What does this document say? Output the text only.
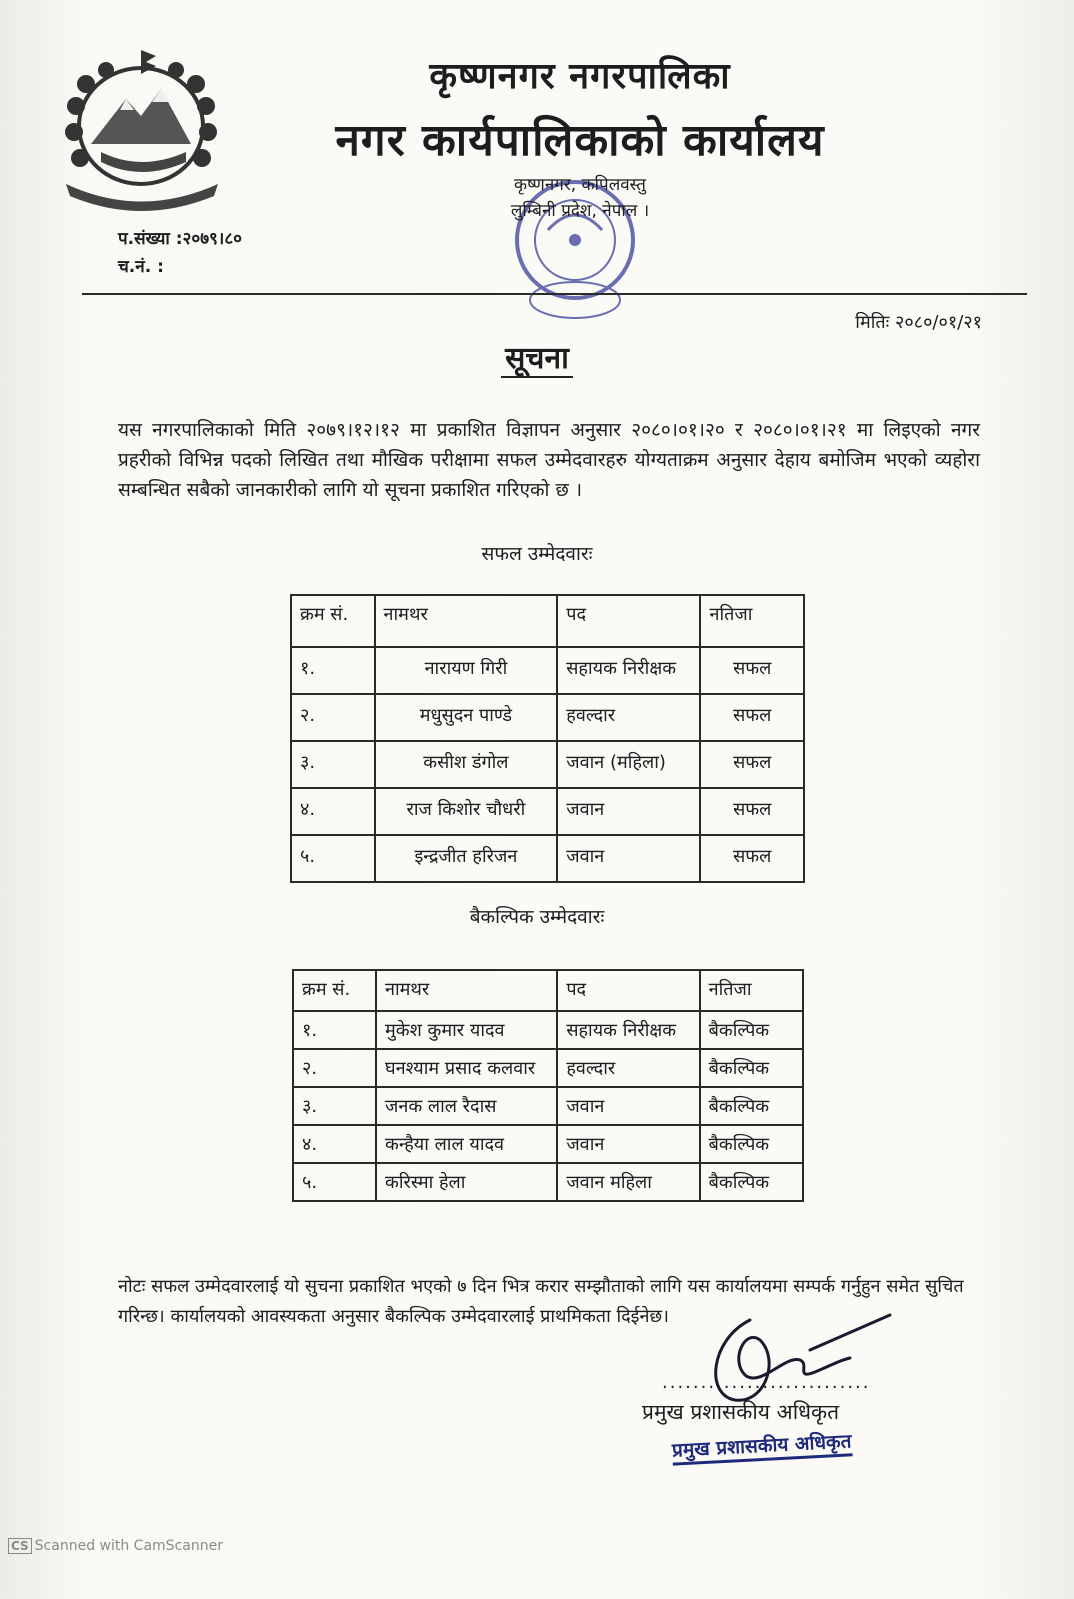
कृष्णनगर नगरपालिका
नगर कार्यपालिकाको कार्यालय
कृष्णनगर, कपिलवस्तु
लुम्बिनी प्रदेश, नेपाल ।
प.संख्या :२०७९।८०
च.नं. :
मितिः २०८०/०१/२१
सूचना
यस नगरपालिकाको मिति २०७९।१२।१२ मा प्रकाशित विज्ञापन अनुसार २०८०।०१।२० र २०८०।०१।२१ मा लिइएको नगर प्रहरीको विभिन्न पदको लिखित तथा मौखिक परीक्षामा सफल उम्मेदवारहरु योग्यताक्रम अनुसार देहाय बमोजिम भएको व्यहोरा सम्बन्धित सबैको जानकारीको लागि यो सूचना प्रकाशित गरिएको छ ।
सफल उम्मेदवारः
क्रम सं.	नामथर	पद	नतिजा
१.	नारायण गिरी	सहायक निरीक्षक	सफल
२.	मधुसुदन पाण्डे	हवल्दार	सफल
३.	कसीश डंगोल	जवान (महिला)	सफल
४.	राज किशोर चौधरी	जवान	सफल
५.	इन्द्रजीत हरिजन	जवान	सफल
बैकल्पिक उम्मेदवारः
क्रम सं.	नामथर	पद	नतिजा
१.	मुकेश कुमार यादव	सहायक निरीक्षक	बैकल्पिक
२.	घनश्याम प्रसाद कलवार	हवल्दार	बैकल्पिक
३.	जनक लाल रैदास	जवान	बैकल्पिक
४.	कन्हैया लाल यादव	जवान	बैकल्पिक
५.	करिस्मा हेला	जवान महिला	बैकल्पिक
नोटः सफल उम्मेदवारलाई यो सुचना प्रकाशित भएको ७ दिन भित्र करार सम्झौताको लागि यस कार्यालयमा सम्पर्क गर्नुहुन समेत सुचित गरिन्छ। कार्यालयको आवस्यकता अनुसार बैकल्पिक उम्मेदवारलाई प्राथमिकता दिईनेछ।
...........................
प्रमुख प्रशासकीय अधिकृत
प्रमुख प्रशासकीय अधिकृत
CS Scanned with CamScanner
